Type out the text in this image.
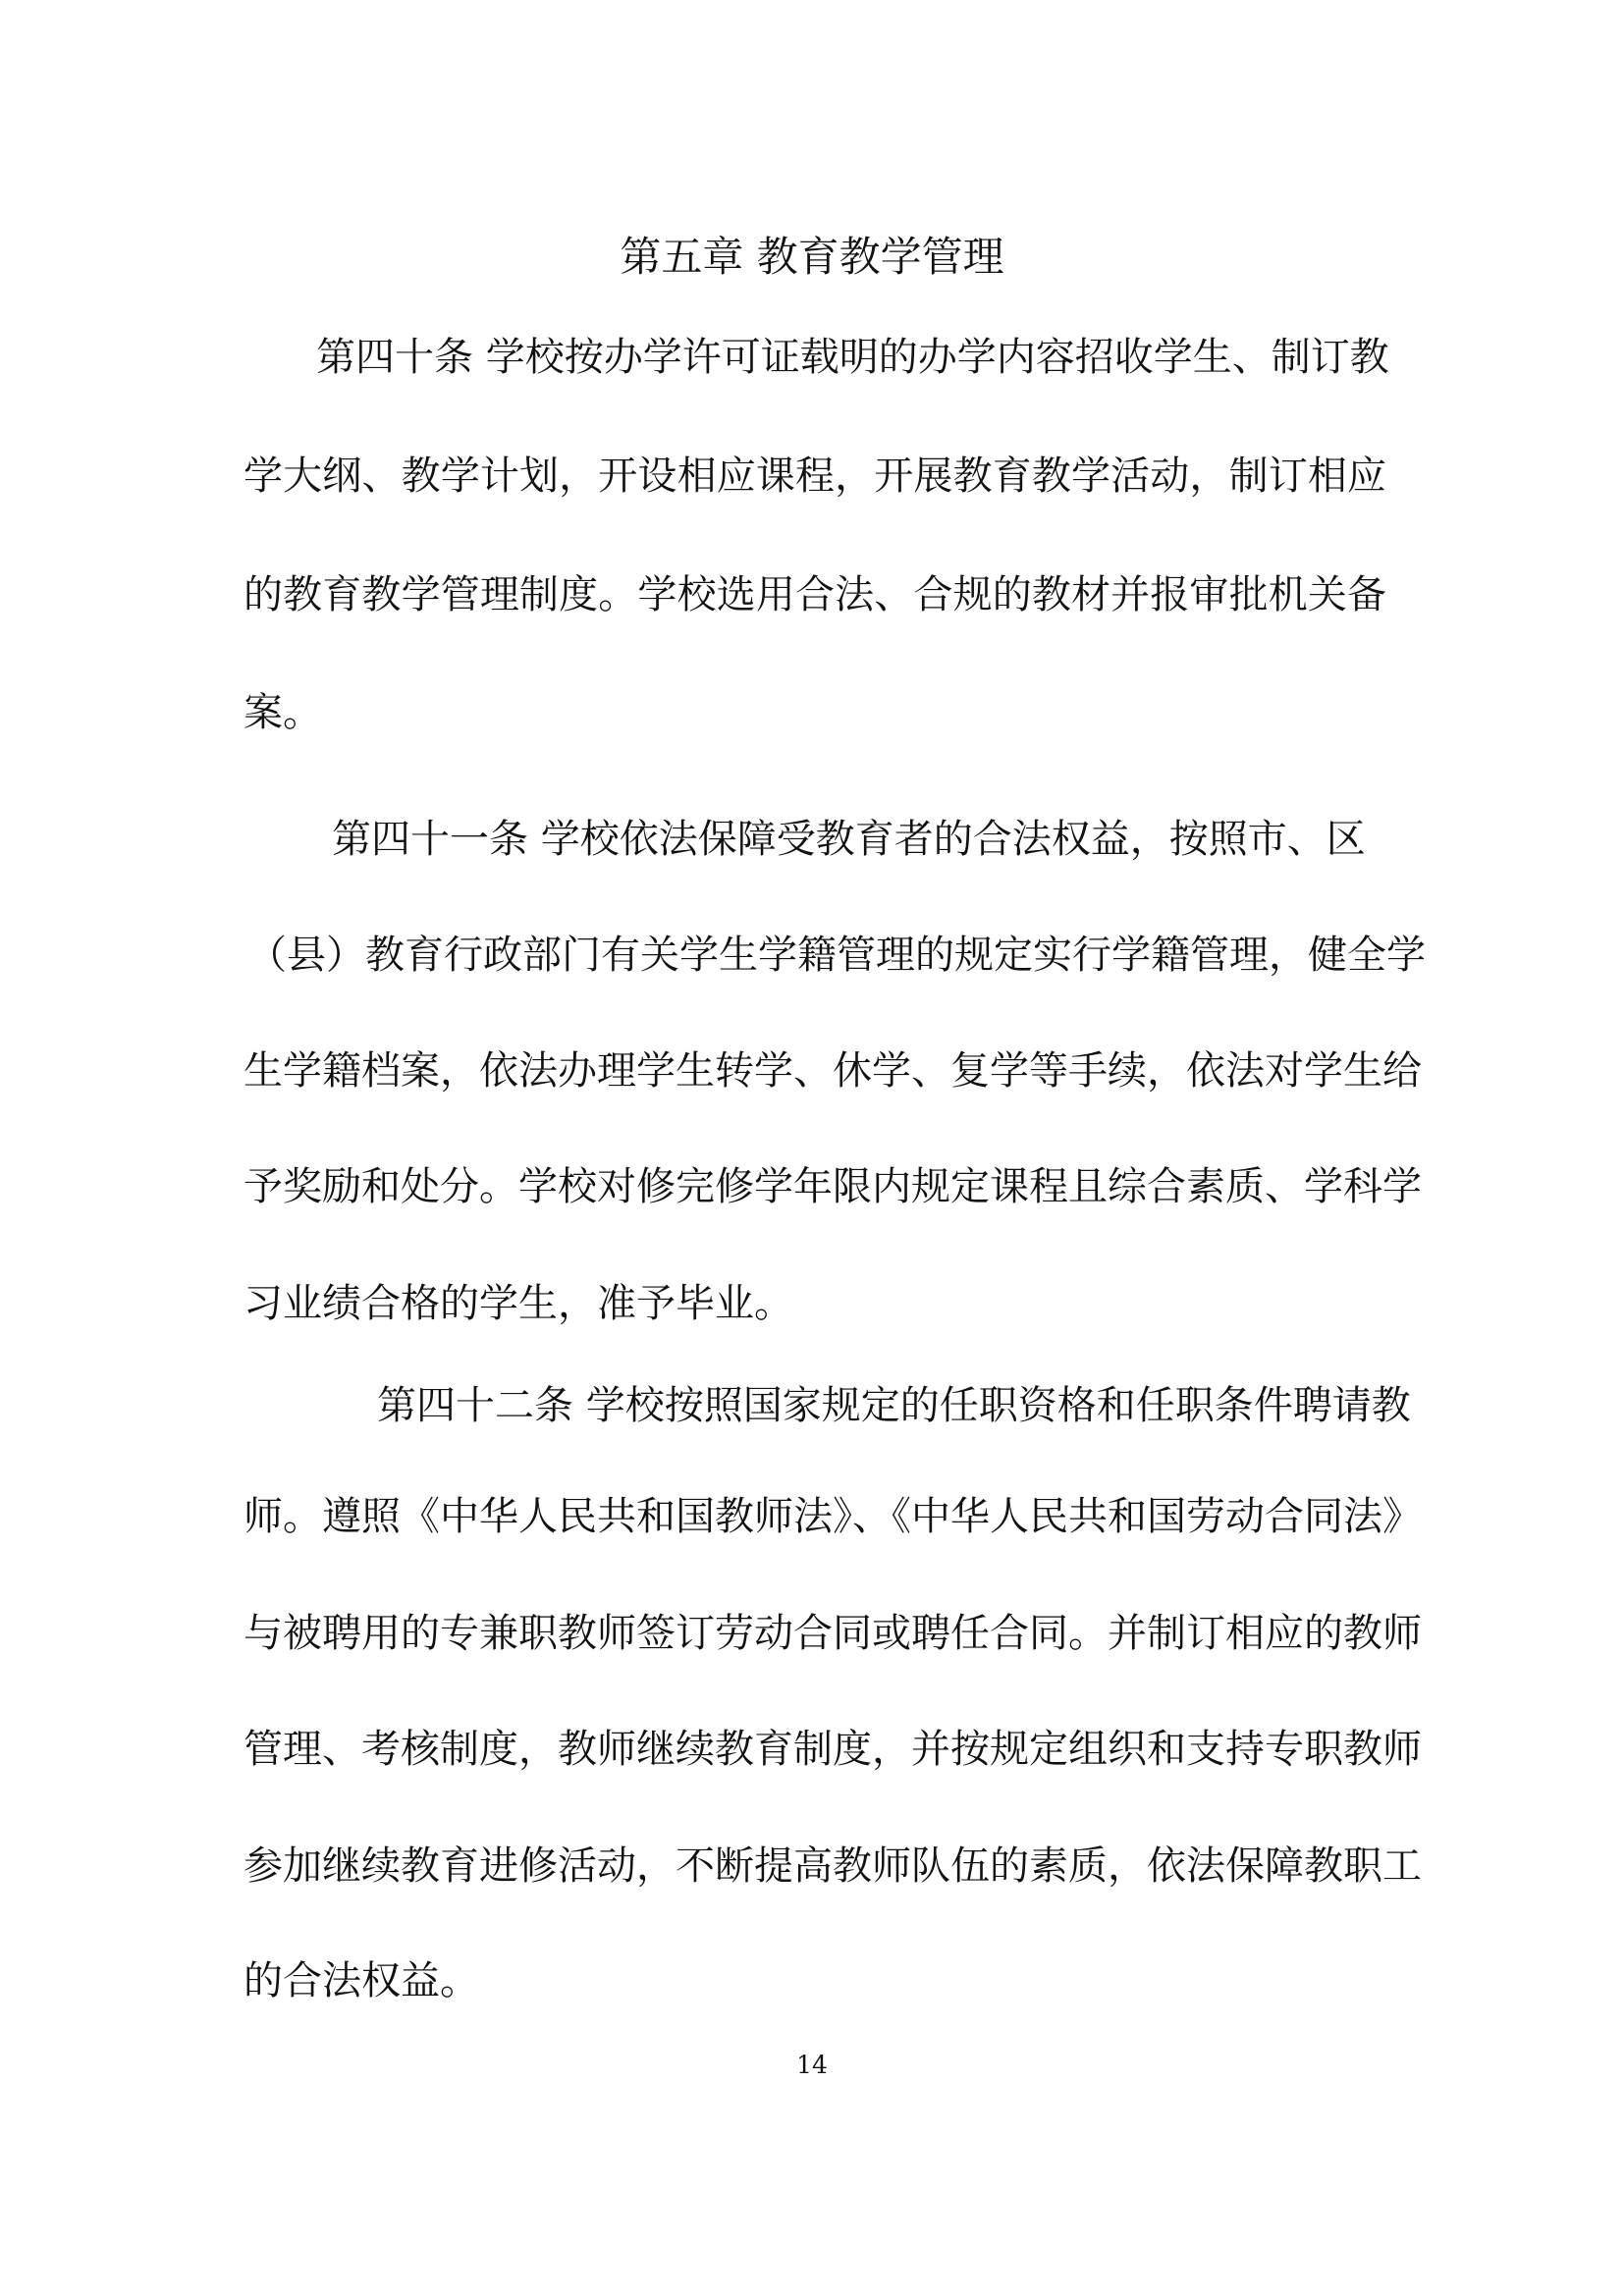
第五章 教育教学管理
第四十条 学校按办学许可证载明的办学内容招收学生、制订教
学大纲、教学计划，开设相应课程，开展教育教学活动，制订相应
的教育教学管理制度。学校选用合法、合规的教材并报审批机关备
案。
第四十一条 学校依法保障受教育者的合法权益，按照市、区
（县）教育行政部门有关学生学籍管理的规定实行学籍管理，健全学
生学籍档案，依法办理学生转学、休学、复学等手续，依法对学生给
予奖励和处分。学校对修完修学年限内规定课程且综合素质、学科学
习业绩合格的学生，准予毕业。
第四十二条 学校按照国家规定的任职资格和任职条件聘请教
师。遵照《中华人民共和国教师法》、《中华人民共和国劳动合同法》
与被聘用的专兼职教师签订劳动合同或聘任合同。并制订相应的教师
管理、考核制度，教师继续教育制度，并按规定组织和支持专职教师
参加继续教育进修活动，不断提高教师队伍的素质，依法保障教职工
的合法权益。
14
